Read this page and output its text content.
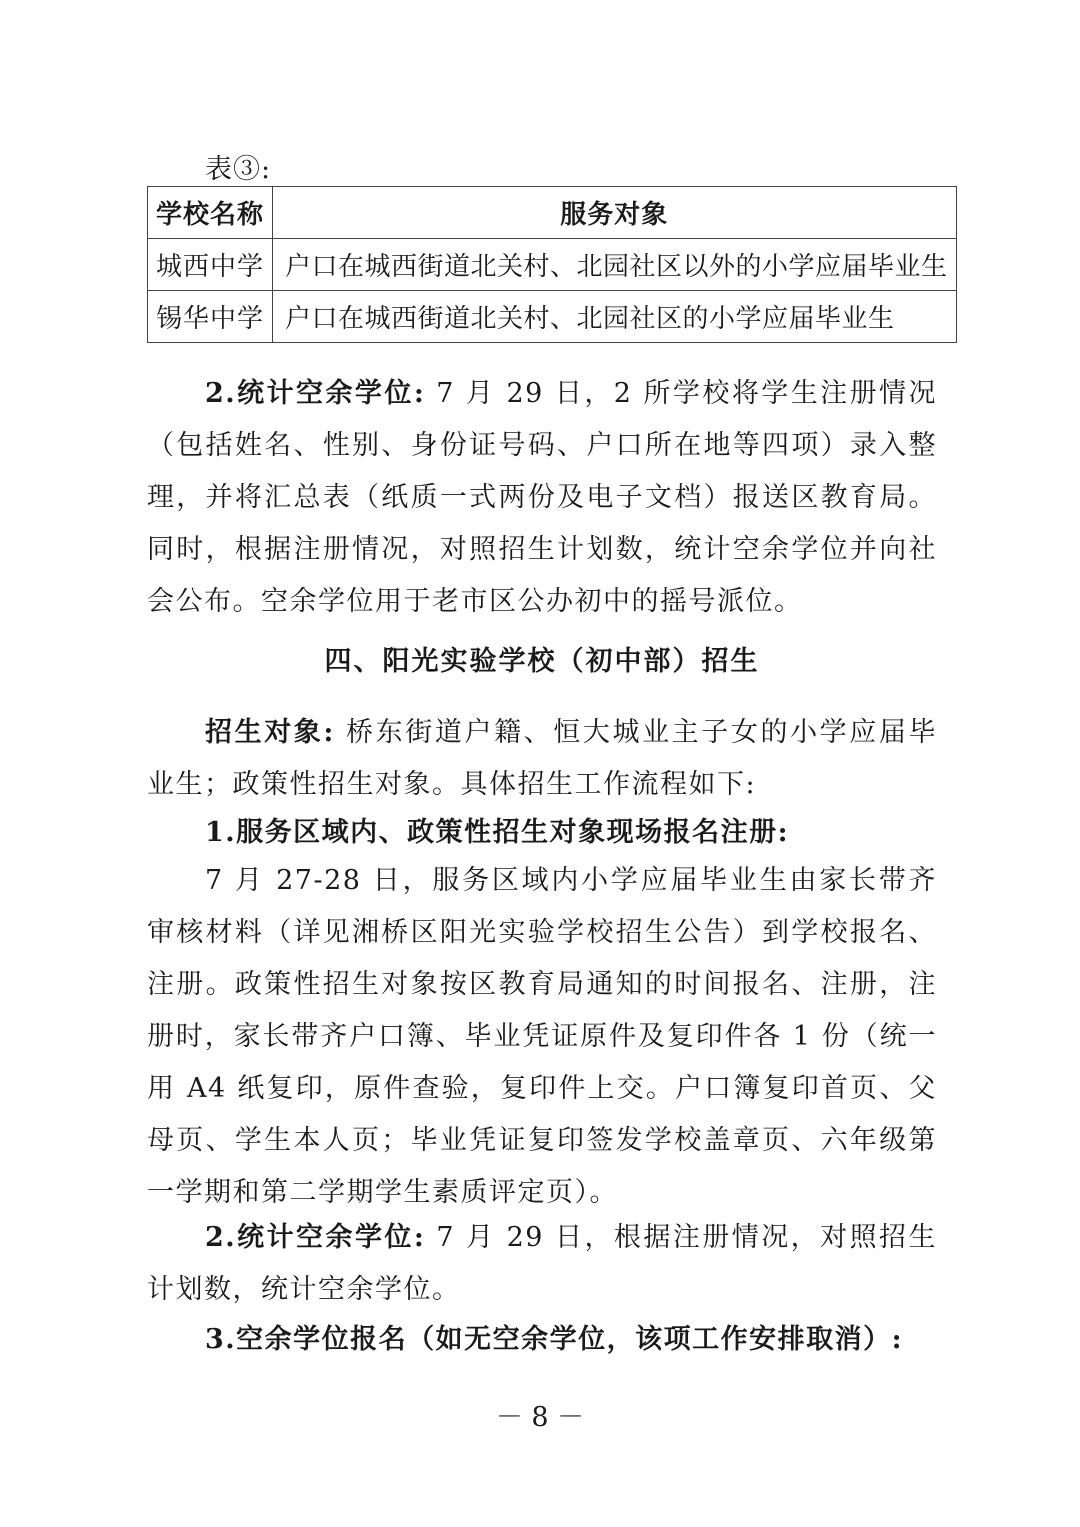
表③:
学校名称	服务对象
城西中学	户口在城西街道北关村、北园社区以外的小学应届毕业生
锡华中学	户口在城西街道北关村、北园社区的小学应届毕业生
2.统计空余学位: 7 月 29 日，2 所学校将学生注册情况（包括姓名、性别、身份证号码、户口所在地等四项）录入整理，并将汇总表（纸质一式两份及电子文档）报送区教育局。同时，根据注册情况，对照招生计划数，统计空余学位并向社会公布。空余学位用于老市区公办初中的摇号派位。
四、阳光实验学校（初中部）招生
招生对象: 桥东街道户籍、恒大城业主子女的小学应届毕业生；政策性招生对象。具体招生工作流程如下:
1.服务区域内、政策性招生对象现场报名注册:
7 月 27-28 日，服务区域内小学应届毕业生由家长带齐审核材料（详见湘桥区阳光实验学校招生公告）到学校报名、注册。政策性招生对象按区教育局通知的时间报名、注册，注册时，家长带齐户口簿、毕业凭证原件及复印件各 1 份（统一用 A4 纸复印，原件查验，复印件上交。户口簿复印首页、父母页、学生本人页；毕业凭证复印签发学校盖章页、六年级第一学期和第二学期学生素质评定页）。
2.统计空余学位: 7 月 29 日，根据注册情况，对照招生计划数，统计空余学位。
3.空余学位报名（如无空余学位，该项工作安排取消）:
－ 8 －
